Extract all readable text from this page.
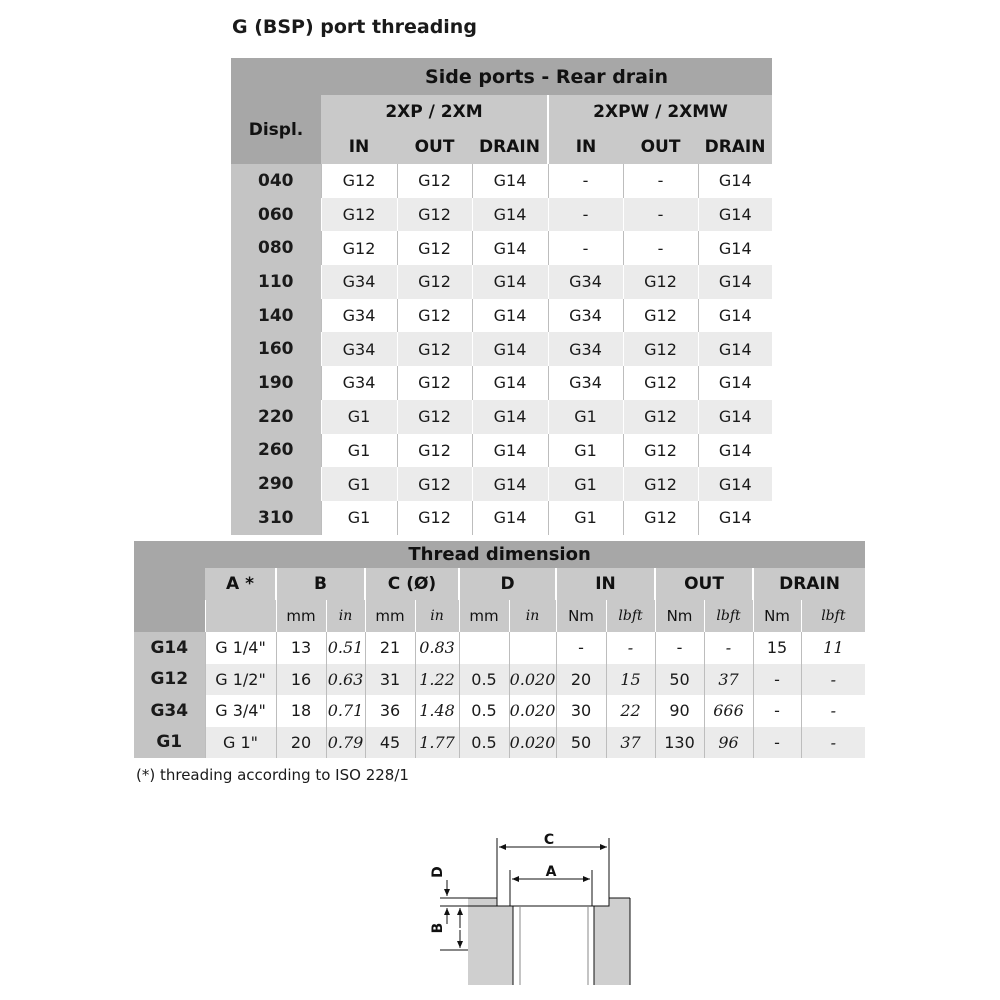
G (BSP) port threading
	Side ports - Rear drain					
Displ.	2XP / 2XM			2XPW / 2XMW		
	IN	OUT	DRAIN	IN	OUT	DRAIN
040	G12	G12	G14	-	-	G14
060	G12	G12	G14	-	-	G14
080	G12	G12	G14	-	-	G14
110	G34	G12	G14	G34	G12	G14
140	G34	G12	G14	G34	G12	G14
160	G34	G12	G14	G34	G12	G14
190	G34	G12	G14	G34	G12	G14
220	G1	G12	G14	G1	G12	G14
260	G1	G12	G14	G1	G12	G14
290	G1	G12	G14	G1	G12	G14
310	G1	G12	G14	G1	G12	G14
Thread dimension													
	A *	B		C (Ø)		D		IN		OUT		DRAIN	
		mm	in	mm	in	mm	in	Nm	lbft	Nm	lbft	Nm	lbft
G14	G 1/4"	13	0.51	21	0.83			-	-	-	-	15	11
G12	G 1/2"	16	0.63	31	1.22	0.5	0.020	20	15	50	37	-	-
G34	G 3/4"	18	0.71	36	1.48	0.5	0.020	30	22	90	666	-	-
G1	G 1"	20	0.79	45	1.77	0.5	0.020	50	37	130	96	-	-
(*) threading according to ISO 228/1
C
A
D
B
